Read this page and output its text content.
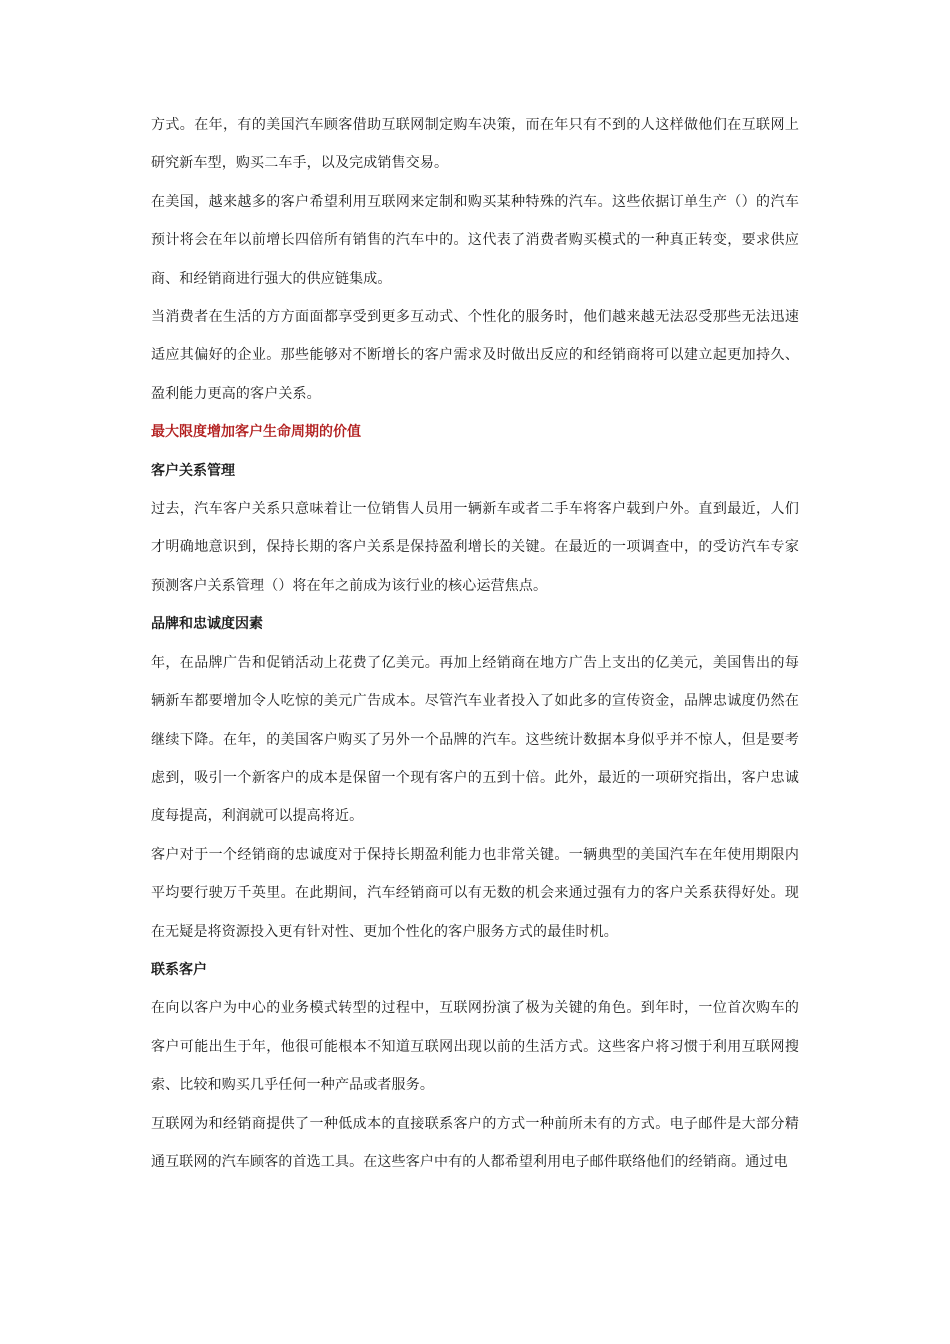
方式。在年，有的美国汽车顾客借助互联网制定购车决策，而在年只有不到的人这样做他们在互联网上研究新车型，购买二车手，以及完成销售交易。

在美国，越来越多的客户希望利用互联网来定制和购买某种特殊的汽车。这些依据订单生产（）的汽车预计将会在年以前增长四倍所有销售的汽车中的。这代表了消费者购买模式的一种真正转变，要求供应商、和经销商进行强大的供应链集成。

当消费者在生活的方方面面都享受到更多互动式、个性化的服务时，他们越来越无法忍受那些无法迅速适应其偏好的企业。那些能够对不断增长的客户需求及时做出反应的和经销商将可以建立起更加持久、盈利能力更高的客户关系。

最大限度增加客户生命周期的价值
客户关系管理

过去，汽车客户关系只意味着让一位销售人员用一辆新车或者二手车将客户载到户外。直到最近，人们才明确地意识到，保持长期的客户关系是保持盈利增长的关键。在最近的一项调查中，的受访汽车专家预测客户关系管理（）将在年之前成为该行业的核心运营焦点。

品牌和忠诚度因素

年，在品牌广告和促销活动上花费了亿美元。再加上经销商在地方广告上支出的亿美元，美国售出的每辆新车都要增加令人吃惊的美元广告成本。尽管汽车业者投入了如此多的宣传资金，品牌忠诚度仍然在继续下降。在年，的美国客户购买了另外一个品牌的汽车。这些统计数据本身似乎并不惊人，但是要考虑到，吸引一个新客户的成本是保留一个现有客户的五到十倍。此外，最近的一项研究指出，客户忠诚度每提高，利润就可以提高将近。

客户对于一个经销商的忠诚度对于保持长期盈利能力也非常关键。一辆典型的美国汽车在年使用期限内平均要行驶万千英里。在此期间，汽车经销商可以有无数的机会来通过强有力的客户关系获得好处。现在无疑是将资源投入更有针对性、更加个性化的客户服务方式的最佳时机。

联系客户

在向以客户为中心的业务模式转型的过程中，互联网扮演了极为关键的角色。到年时，一位首次购车的客户可能出生于年，他很可能根本不知道互联网出现以前的生活方式。这些客户将习惯于利用互联网搜索、比较和购买几乎任何一种产品或者服务。

互联网为和经销商提供了一种低成本的直接联系客户的方式一种前所未有的方式。电子邮件是大部分精通互联网的汽车顾客的首选工具。在这些客户中有的人都希望利用电子邮件联络他们的经销商。通过电
